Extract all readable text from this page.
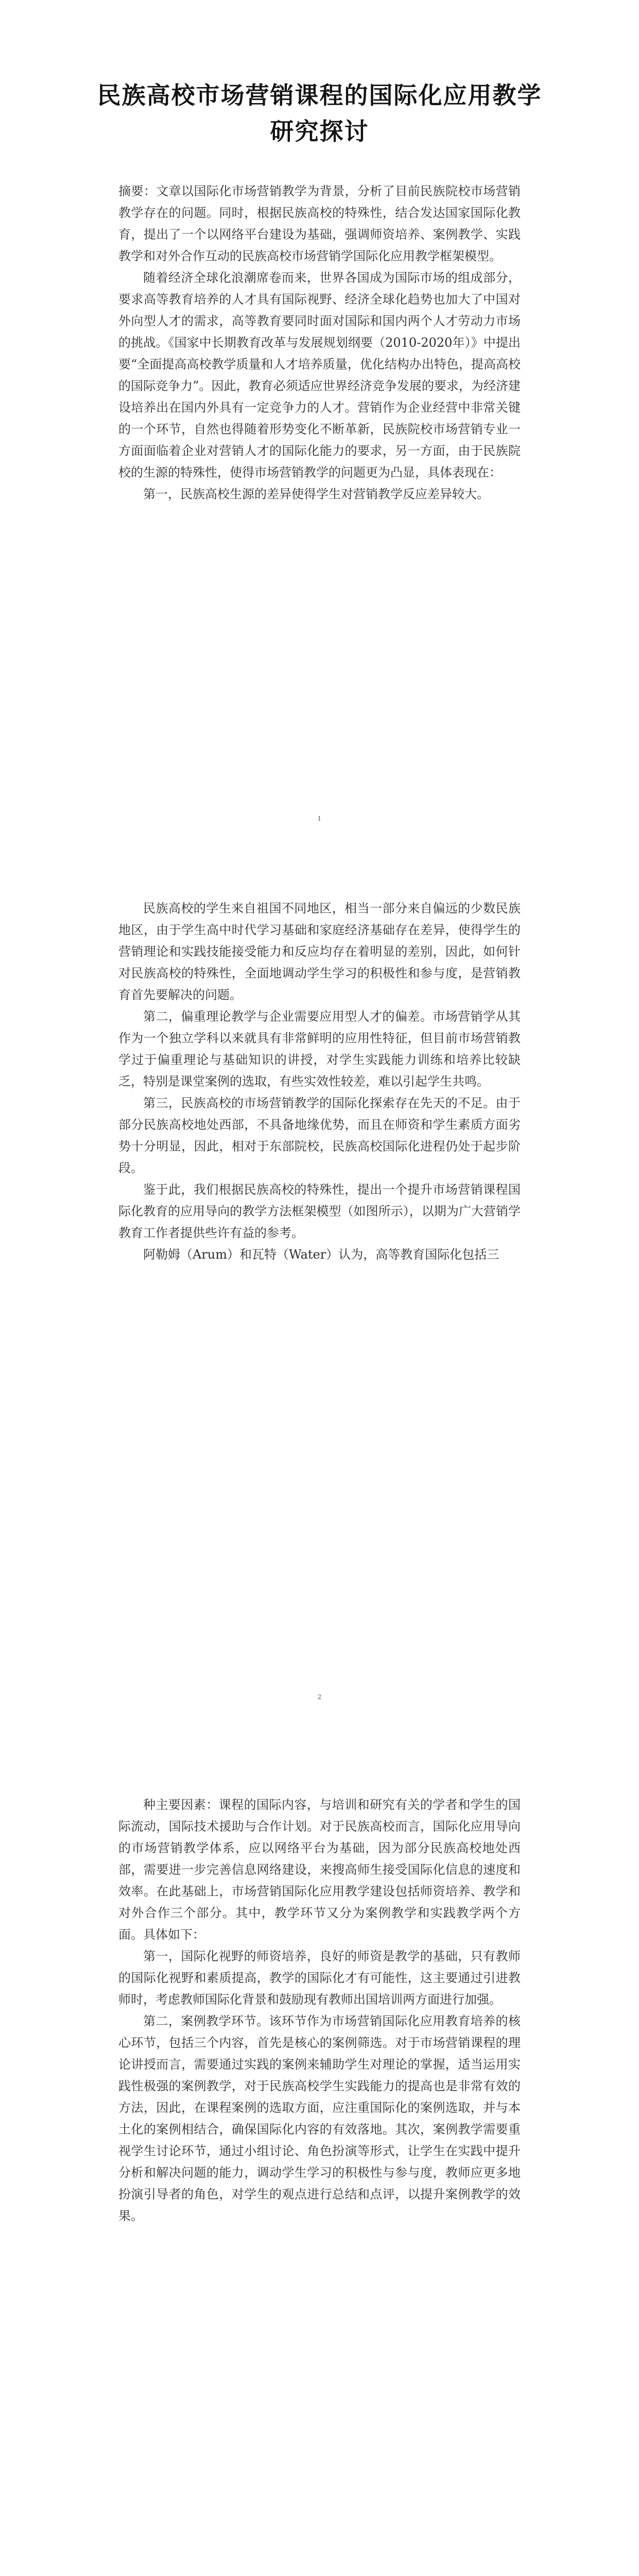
民族高校市场营销课程的国际化应用教学研究探讨
摘要：文章以国际化市场营销教学为背景，分析了目前民族院校市场营销教学存在的问题。同时，根据民族高校的特殊性，结合发达国家国际化教育，提出了一个以网络平台建设为基础，强调师资培养、案例教学、实践教学和对外合作互动的民族高校市场营销学国际化应用教学框架模型。

随着经济全球化浪潮席卷而来，世界各国成为国际市场的组成部分，要求高等教育培养的人才具有国际视野、经济全球化趋势也加大了中国对外向型人才的需求，高等教育要同时面对国际和国内两个人才劳动力市场的挑战。《国家中长期教育改革与发展规划纲要（2010-2020年）》中提出要“全面提高高校教学质量和人才培养质量，优化结构办出特色，提高高校的国际竞争力”。因此，教育必须适应世界经济竞争发展的要求，为经济建设培养出在国内外具有一定竞争力的人才。营销作为企业经营中非常关键的一个环节，自然也得随着形势变化不断革新，民族院校市场营销专业一方面面临着企业对营销人才的国际化能力的要求，另一方面，由于民族院校的生源的特殊性，使得市场营销教学的问题更为凸显，具体表现在：

第一，民族高校生源的差异使得学生对营销教学反应差异较大。

1

民族高校的学生来自祖国不同地区，相当一部分来自偏远的少数民族地区，由于学生高中时代学习基础和家庭经济基础存在差异，使得学生的营销理论和实践技能接受能力和反应均存在着明显的差别，因此，如何针对民族高校的特殊性，全面地调动学生学习的积极性和参与度，是营销教育首先要解决的问题。

第二，偏重理论教学与企业需要应用型人才的偏差。市场营销学从其作为一个独立学科以来就具有非常鲜明的应用性特征，但目前市场营销教学过于偏重理论与基础知识的讲授，对学生实践能力训练和培养比较缺乏，特别是课堂案例的选取，有些实效性较差，难以引起学生共鸣。

第三，民族高校的市场营销教学的国际化探索存在先天的不足。由于部分民族高校地处西部，不具备地缘优势，而且在师资和学生素质方面劣势十分明显，因此，相对于东部院校，民族高校国际化进程仍处于起步阶段。

鉴于此，我们根据民族高校的特殊性，提出一个提升市场营销课程国际化教育的应用导向的教学方法框架模型（如图所示），以期为广大营销学教育工作者提供些许有益的参考。

阿勒姆（Arum）和瓦特（Water）认为，高等教育国际化包括三

2

种主要因素：课程的国际内容，与培训和研究有关的学者和学生的国际流动，国际技术援助与合作计划。对于民族高校而言，国际化应用导向的市场营销教学体系，应以网络平台为基础，因为部分民族高校地处西部，需要进一步完善信息网络建设，来搜高师生接受国际化信息的速度和效率。在此基础上，市场营销国际化应用教学建设包括师资培养、教学和对外合作三个部分。其中，教学环节又分为案例教学和实践教学两个方面。具体如下：

第一，国际化视野的师资培养，良好的师资是教学的基础，只有教师的国际化视野和素质提高，教学的国际化才有可能性，这主要通过引进教师时，考虑教师国际化背景和鼓励现有教师出国培训两方面进行加强。

第二，案例教学环节。该环节作为市场营销国际化应用教育培养的核心环节，包括三个内容，首先是核心的案例筛选。对于市场营销课程的理论讲授而言，需要通过实践的案例来辅助学生对理论的掌握，适当运用实践性极强的案例教学，对于民族高校学生实践能力的提高也是非常有效的方法，因此，在课程案例的选取方面，应注重国际化的案例选取，并与本土化的案例相结合，确保国际化内容的有效落地。其次，案例教学需要重视学生讨论环节，通过小组讨论、角色扮演等形式，让学生在实践中提升分析和解决问题的能力，调动学生学习的积极性与参与度，教师应更多地扮演引导者的角色，对学生的观点进行总结和点评，以提升案例教学的效果。
